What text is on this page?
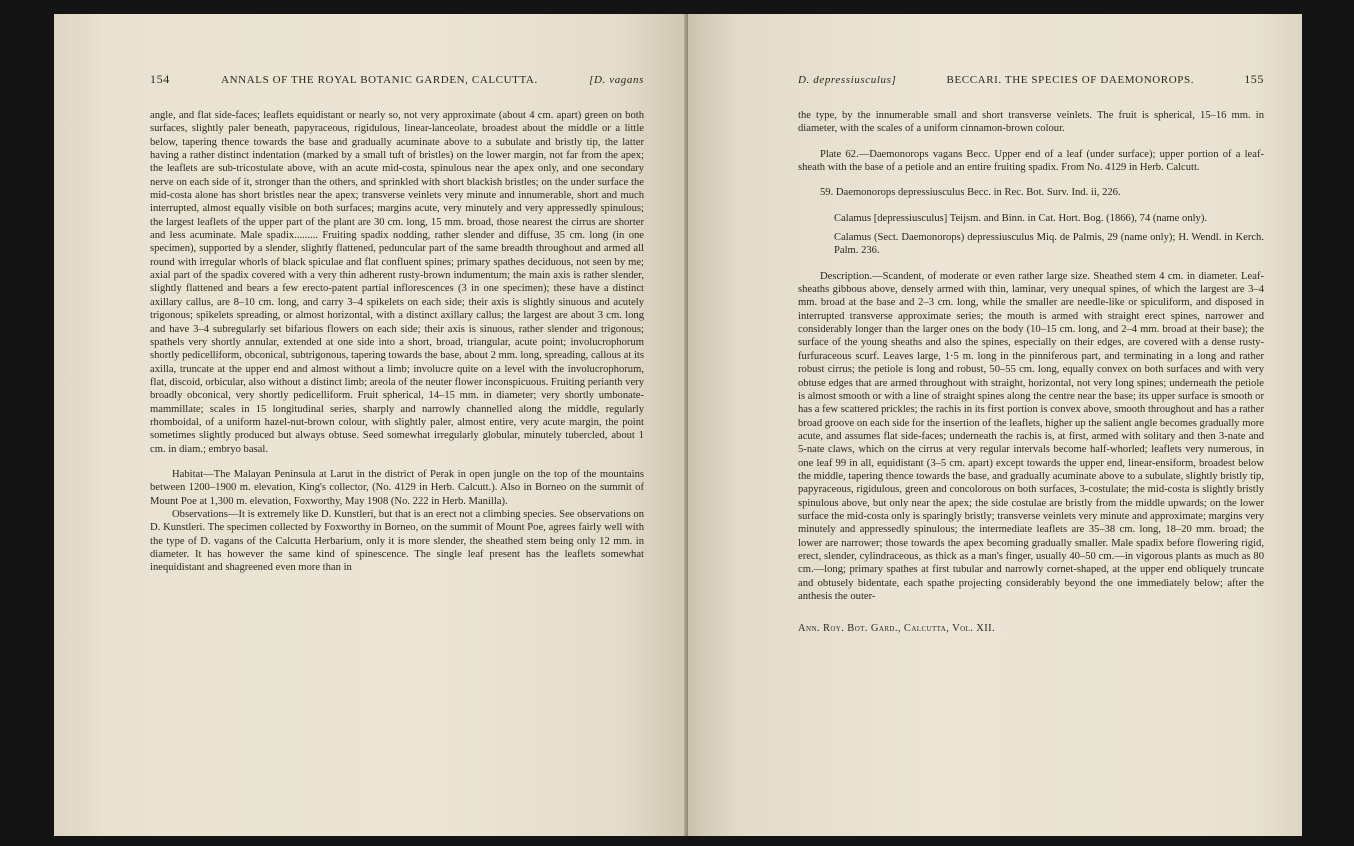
154	ANNALS OF THE ROYAL BOTANIC GARDEN, CALCUTTA.	[D. vagans

angle, and flat side-faces; leaflets equidistant or nearly so, not very approximate (about 4 cm. apart) green on both surfaces, slightly paler beneath, papyraceous, rigidulous, linear-lanceolate, broadest about the middle or a little below, tapering thence towards the base and gradually acuminate above to a subulate and bristly tip, the latter having a rather distinct indentation (marked by a small tuft of bristles) on the lower margin, not far from the apex; the leaflets are sub-tricostulate above, with an acute mid-costa, spinulous near the apex only, and one secondary nerve on each side of it, stronger than the others, and sprinkled with short blackish bristles; on the under surface the mid-costa alone has short bristles near the apex; transverse veinlets very minute and innumerable, short and much interrupted, almost equally visible on both surfaces; margins acute, very minutely and very appressedly spinulous; the largest leaflets of the upper part of the plant are 30 cm. long, 15 mm. broad, those nearest the cirrus are shorter and less acuminate. Male spadix......... Fruiting spadix nodding, rather slender and diffuse, 35 cm. long (in one specimen), supported by a slender, slightly flattened, peduncular part of the same breadth throughout and armed all round with irregular whorls of black spiculae and flat confluent spines; primary spathes deciduous, not seen by me; axial part of the spadix covered with a very thin adherent rusty-brown indumentum; the main axis is rather slender, slightly flattened and bears a few erecto-patent partial inflorescences (3 in one specimen); these have a distinct axillary callus, are 8–10 cm. long, and carry 3–4 spikelets on each side; their axis is slightly sinuous and acutely trigonous; spikelets spreading, or almost horizontal, with a distinct axillary callus; the largest are about 3 cm. long and have 3–4 subregularly set bifarious flowers on each side; their axis is sinuous, rather slender and trigonous; spathels very shortly annular, extended at one side into a short, broad, triangular, acute point; involucrophorum shortly pedicelliform, obconical, subtrigonous, tapering towards the base, about 2 mm. long, spreading, callous at its axilla, truncate at the upper end and almost without a limb; involucre quite on a level with the involucrophorum, flat, discoid, orbicular, also without a distinct limb; areola of the neuter flower inconspicuous. Fruiting perianth very broadly obconical, very shortly pedicelliform. Fruit spherical, 14–15 mm. in diameter; very shortly umbonate-mammillate; scales in 15 longitudinal series, sharply and narrowly channelled along the middle, regularly rhomboidal, of a uniform hazel-nut-brown colour, with slightly paler, almost entire, very acute margin, the point sometimes slightly produced but always obtuse. Seed somewhat irregularly globular, minutely tubercled, about 1 cm. in diam.; embryo basal.

Habitat—The Malayan Peninsula at Larut in the district of Perak in open jungle on the top of the mountains between 1200–1900 m. elevation, King's collector, (No. 4129 in Herb. Calcutt.). Also in Borneo on the summit of Mount Poe at 1,300 m. elevation, Foxworthy, May 1908 (No. 222 in Herb. Manilla).

Observations—It is extremely like D. Kunstleri, but that is an erect not a climbing species. See observations on D. Kunstleri. The specimen collected by Foxworthy in Borneo, on the summit of Mount Poe, agrees fairly well with the type of D. vagans of the Calcutta Herbarium, only it is more slender, the sheathed stem being only 12 mm. in diameter. It has however the same kind of spinescence. The single leaf present has the leaflets somewhat inequidistant and shagreened even more than in

D. depressiusculus]	BECCARI. THE SPECIES OF DAEMONOROPS.	155

the type, by the innumerable small and short transverse veinlets. The fruit is spherical, 15–16 mm. in diameter, with the scales of a uniform cinnamon-brown colour.

Plate 62.—Daemonorops vagans Becc. Upper end of a leaf (under surface); upper portion of a leaf-sheath with the base of a petiole and an entire fruiting spadix. From No. 4129 in Herb. Calcutt.

59. Daemonorops depressiusculus Becc. in Rec. Bot. Surv. Ind. ii, 226.

Calamus [depressiusculus] Teijsm. and Binn. in Cat. Hort. Bog. (1866), 74 (name only).

Calamus (Sect. Daemonorops) depressiusculus Miq. de Palmis, 29 (name only); H. Wendl. in Kerch. Palm. 236.

Description.—Scandent, of moderate or even rather large size. Sheathed stem 4 cm. in diameter. Leaf-sheaths gibbous above, densely armed with thin, laminar, very unequal spines, of which the largest are 3–4 mm. broad at the base and 2–3 cm. long, while the smaller are needle-like or spiculiform, and disposed in interrupted transverse approximate series; the mouth is armed with straight erect spines, narrower and considerably longer than the larger ones on the body (10–15 cm. long, and 2–4 mm. broad at their base); the surface of the young sheaths and also the spines, especially on their edges, are covered with a dense rusty-furfuraceous scurf. Leaves large, 1·5 m. long in the pinniferous part, and terminating in a long and rather robust cirrus; the petiole is long and robust, 50–55 cm. long, equally convex on both surfaces and with very obtuse edges that are armed throughout with straight, horizontal, not very long spines; underneath the petiole is almost smooth or with a line of straight spines along the centre near the base; its upper surface is smooth or has a few scattered prickles; the rachis in its first portion is convex above, smooth throughout and has a rather broad groove on each side for the insertion of the leaflets, higher up the salient angle becomes gradually more acute, and assumes flat side-faces; underneath the rachis is, at first, armed with solitary and then 3-nate and 5-nate claws, which on the cirrus at very regular intervals become half-whorled; leaflets very numerous, in one leaf 99 in all, equidistant (3–5 cm. apart) except towards the upper end, linear-ensiform, broadest below the middle, tapering thence towards the base, and gradually acuminate above to a subulate, slightly bristly tip, papyraceous, rigidulous, green and concolorous on both surfaces, 3-costulate; the mid-costa is slightly bristly spinulous above, but only near the apex; the side costulae are bristly from the middle upwards; on the lower surface the mid-costa only is sparingly bristly; transverse veinlets very minute and approximate; margins very minutely and appressedly spinulous; the intermediate leaflets are 35–38 cm. long, 18–20 mm. broad; the lower are narrower; those towards the apex becoming gradually smaller. Male spadix before flowering rigid, erect, slender, cylindraceous, as thick as a man's finger, usually 40–50 cm.—in vigorous plants as much as 80 cm.—long; primary spathes at first tubular and narrowly cornet-shaped, at the upper end obliquely truncate and obtusely bidentate, each spathe projecting considerably beyond the one immediately below; after the anthesis the outer-

Ann. Roy. Bot. Gard., Calcutta, Vol. XII.
